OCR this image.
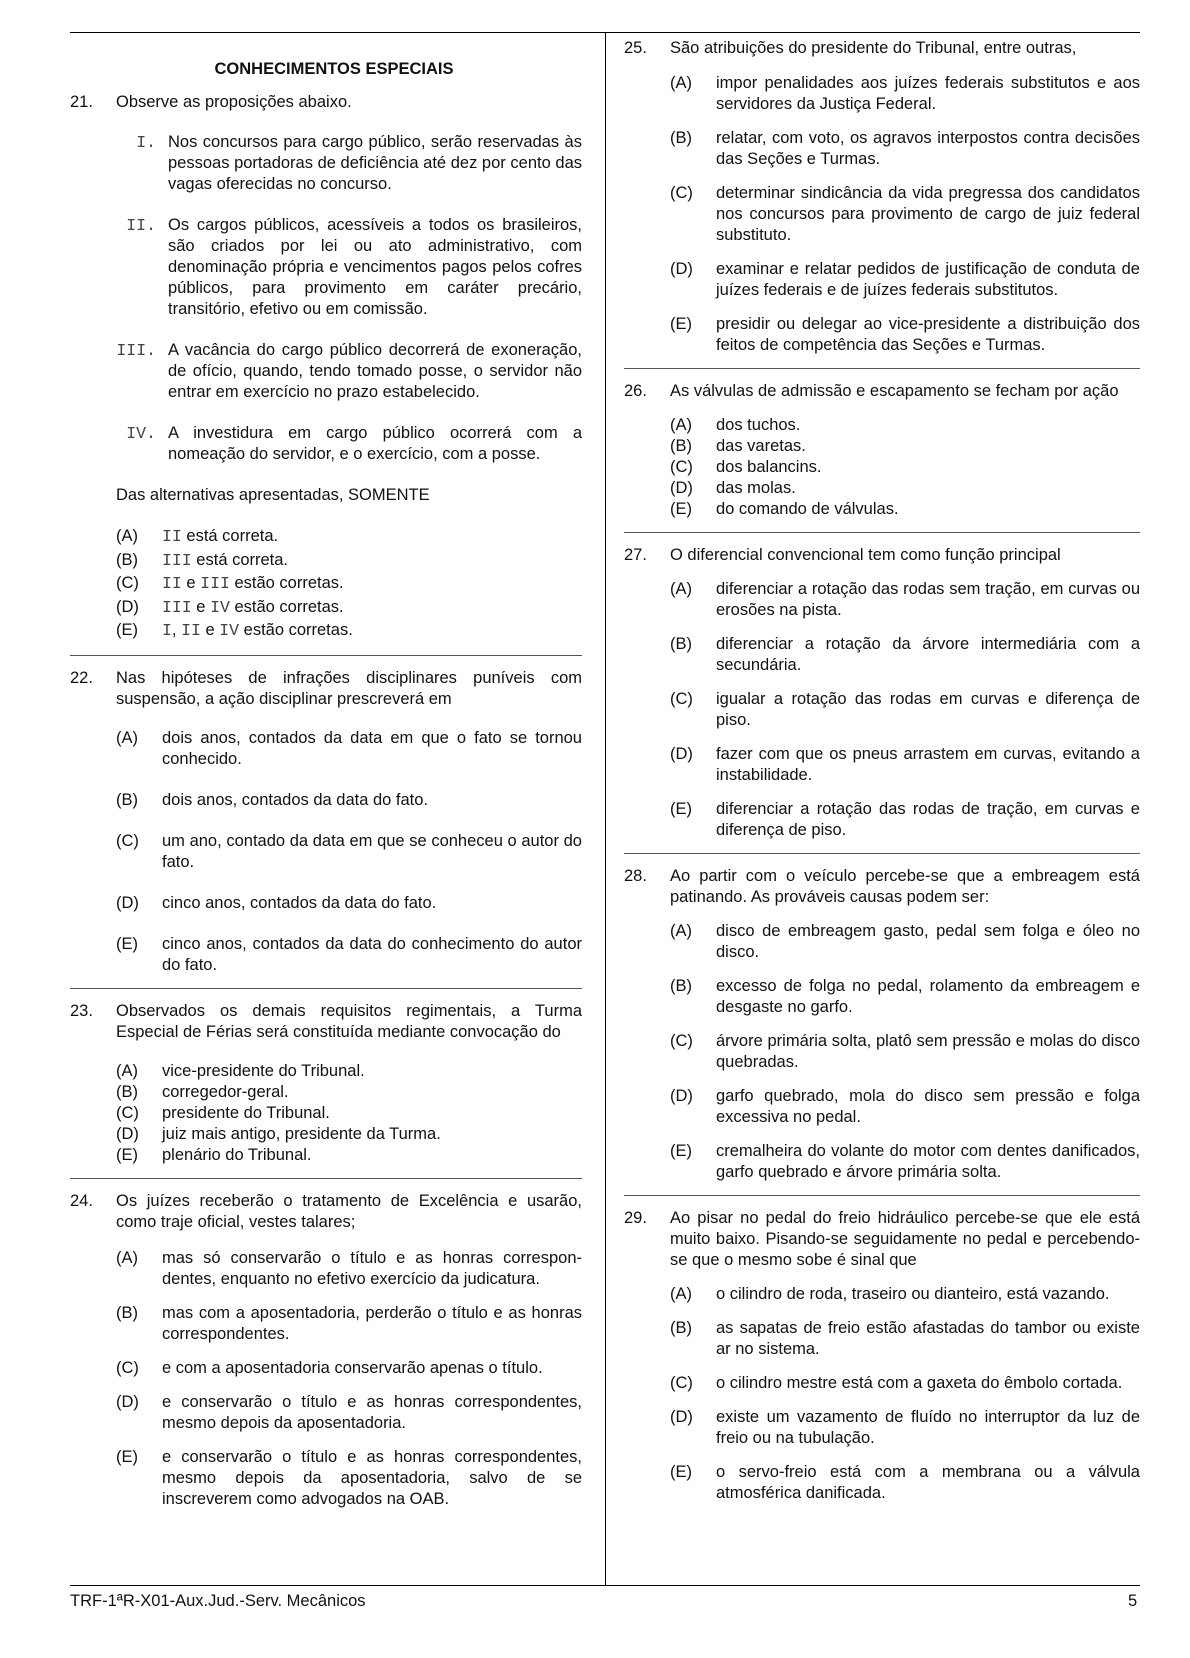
CONHECIMENTOS ESPECIAIS
21.	Observe as proposições abaixo.
I. Nos concursos para cargo público, serão reservadas às pessoas portadoras de deficiência até dez por cento das vagas oferecidas no concurso.
II. Os cargos públicos, acessíveis a todos os brasileiros, são criados por lei ou ato administrativo, com denominação própria e vencimentos pagos pelos cofres públicos, para provimento em caráter precário, transitório, efetivo ou em comissão.
III. A vacância do cargo público decorrerá de exoneração, de ofício, quando, tendo tomado posse, o servidor não entrar em exercício no prazo estabelecido.
IV. A investidura em cargo público ocorrerá com a nomeação do servidor, e o exercício, com a posse.
Das alternativas apresentadas, SOMENTE
(A)	II está correta.
(B)	III está correta.
(C)	II e III estão corretas.
(D)	III e IV estão corretas.
(E)	I, II e IV estão corretas.
22.	Nas hipóteses de infrações disciplinares puníveis com suspensão, a ação disciplinar prescreverá em
(A)	dois anos, contados da data em que o fato se tornou conhecido.
(B)	dois anos, contados da data do fato.
(C)	um ano, contado da data em que se conheceu o autor do fato.
(D)	cinco anos, contados da data do fato.
(E)	cinco anos, contados da data do conhecimento do autor do fato.
23.	Observados os demais requisitos regimentais, a Turma Especial de Férias será constituída mediante convocação do
(A)	vice-presidente do Tribunal.
(B)	corregedor-geral.
(C)	presidente do Tribunal.
(D)	juiz mais antigo, presidente da Turma.
(E)	plenário do Tribunal.
24.	Os juízes receberão o tratamento de Excelência e usarão, como traje oficial, vestes talares;
(A)	mas só conservarão o título e as honras correspon-dentes, enquanto no efetivo exercício da judicatura.
(B)	mas com a aposentadoria, perderão o título e as honras correspondentes.
(C)	e com a aposentadoria conservarão apenas o título.
(D)	e conservarão o título e as honras correspondentes, mesmo depois da aposentadoria.
(E)	e conservarão o título e as honras correspondentes, mesmo depois da aposentadoria, salvo de se inscreverem como advogados na OAB.
25.	São atribuições do presidente do Tribunal, entre outras,
(A)	impor penalidades aos juízes federais substitutos e aos servidores da Justiça Federal.
(B)	relatar, com voto, os agravos interpostos contra decisões das Seções e Turmas.
(C)	determinar sindicância da vida pregressa dos candidatos nos concursos para provimento de cargo de juiz federal substituto.
(D)	examinar e relatar pedidos de justificação de conduta de juízes federais e de juízes federais substitutos.
(E)	presidir ou delegar ao vice-presidente a distribuição dos feitos de competência das Seções e Turmas.
26.	As válvulas de admissão e escapamento se fecham por ação
(A)	dos tuchos.
(B)	das varetas.
(C)	dos balancins.
(D)	das molas.
(E)	do comando de válvulas.
27.	O diferencial convencional tem como função principal
(A)	diferenciar a rotação das rodas sem tração, em curvas ou erosões na pista.
(B)	diferenciar a rotação da árvore intermediária com a secundária.
(C)	igualar a rotação das rodas em curvas e diferença de piso.
(D)	fazer com que os pneus arrastem em curvas, evitando a instabilidade.
(E)	diferenciar a rotação das rodas de tração, em curvas e diferença de piso.
28.	Ao partir com o veículo percebe-se que a embreagem está patinando. As prováveis causas podem ser:
(A)	disco de embreagem gasto, pedal sem folga e óleo no disco.
(B)	excesso de folga no pedal, rolamento da embreagem e desgaste no garfo.
(C)	árvore primária solta, platô sem pressão e molas do disco quebradas.
(D)	garfo quebrado, mola do disco sem pressão e folga excessiva no pedal.
(E)	cremalheira do volante do motor com dentes danificados, garfo quebrado e árvore primária solta.
29.	Ao pisar no pedal do freio hidráulico percebe-se que ele está muito baixo. Pisando-se seguidamente no pedal e percebendo-se que o mesmo sobe é sinal que
(A)	o cilindro de roda, traseiro ou dianteiro, está vazando.
(B)	as sapatas de freio estão afastadas do tambor ou existe ar no sistema.
(C)	o cilindro mestre está com a gaxeta do êmbolo cortada.
(D)	existe um vazamento de fluído no interruptor da luz de freio ou na tubulação.
(E)	o servo-freio está com a membrana ou a válvula atmosférica danificada.
TRF-1ªR-X01-Aux.Jud.-Serv. Mecânicos	5
